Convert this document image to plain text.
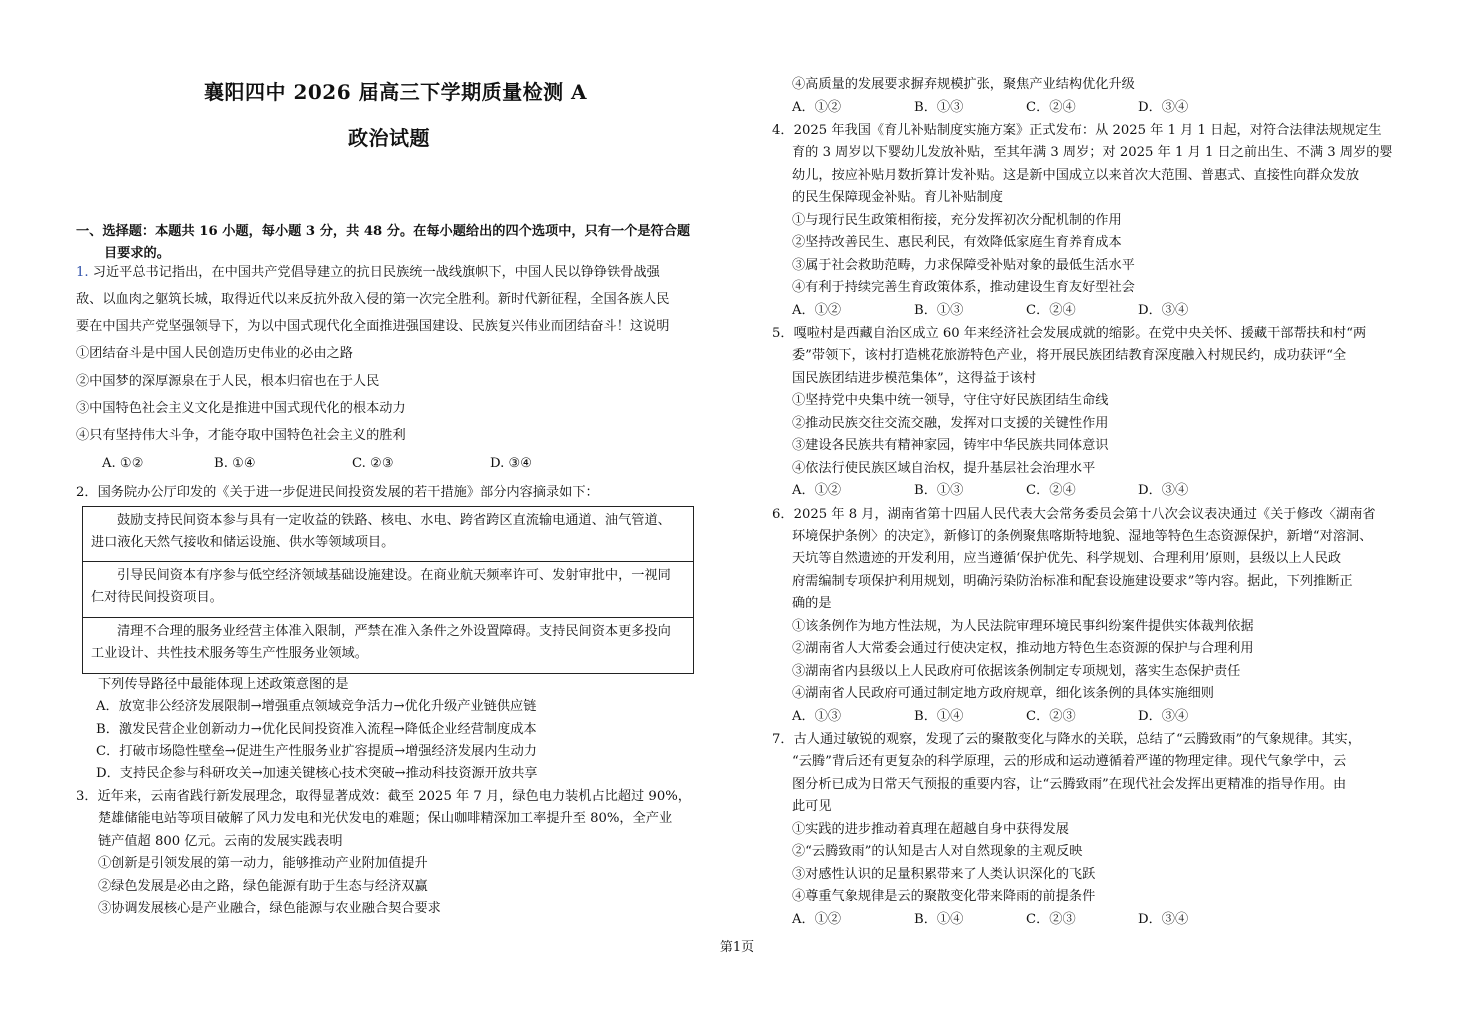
襄阳四中 2026 届高三下学期质量检测 A
政治试题
一、选择题：本题共 16 小题，每小题 3 分，共 48 分。在每小题给出的四个选项中，只有一个是符合题
目要求的。
1. 习近平总书记指出，在中国共产党倡导建立的抗日民族统一战线旗帜下，中国人民以铮铮铁骨战强
敌、以血肉之躯筑长城，取得近代以来反抗外敌入侵的第一次完全胜利。新时代新征程，全国各族人民
要在中国共产党坚强领导下，为以中国式现代化全面推进强国建设、民族复兴伟业而团结奋斗！这说明
①团结奋斗是中国人民创造历史伟业的必由之路
②中国梦的深厚源泉在于人民，根本归宿也在于人民
③中国特色社会主义文化是推进中国式现代化的根本动力
④只有坚持伟大斗争，才能夺取中国特色社会主义的胜利
A. ①②	B. ①④	C. ②③	D. ③④
2．国务院办公厅印发的《关于进一步促进民间投资发展的若干措施》部分内容摘录如下：

鼓励支持民间资本参与具有一定收益的铁路、核电、水电、跨省跨区直流输电通道、油气管道、进口液化天然气接收和储运设施、供水等领域项目。

引导民间资本有序参与低空经济领域基础设施建设。在商业航天频率许可、发射审批中，一视同仁对待民间投资项目。

清理不合理的服务业经营主体准入限制，严禁在准入条件之外设置障碍。支持民间资本更多投向工业设计、共性技术服务等生产性服务业领域。

下列传导路径中最能体现上述政策意图的是
A．放宽非公经济发展限制→增强重点领域竞争活力→优化升级产业链供应链
B．激发民营企业创新动力→优化民间投资准入流程→降低企业经营制度成本
C．打破市场隐性壁垒→促进生产性服务业扩容提质→增强经济发展内生动力
D．支持民企参与科研攻关→加速关键核心技术突破→推动科技资源开放共享
3．近年来，云南省践行新发展理念，取得显著成效：截至 2025 年 7 月，绿色电力装机占比超过 90%，
楚雄储能电站等项目破解了风力发电和光伏发电的难题；保山咖啡精深加工率提升至 80%，全产业
链产值超 800 亿元。云南的发展实践表明
①创新是引领发展的第一动力，能够推动产业附加值提升
②绿色发展是必由之路，绿色能源有助于生态与经济双赢
③协调发展核心是产业融合，绿色能源与农业融合契合要求
④高质量的发展要求摒弃规模扩张，聚焦产业结构优化升级
A．①②	B．①③	C．②④	D．③④
4．2025 年我国《育儿补贴制度实施方案》正式发布：从 2025 年 1 月 1 日起，对符合法律法规规定生
育的 3 周岁以下婴幼儿发放补贴，至其年满 3 周岁；对 2025 年 1 月 1 日之前出生、不满 3 周岁的婴
幼儿，按应补贴月数折算计发补贴。这是新中国成立以来首次大范围、普惠式、直接性向群众发放
的民生保障现金补贴。育儿补贴制度
①与现行民生政策相衔接，充分发挥初次分配机制的作用
②坚持改善民生、惠民利民，有效降低家庭生育养育成本
③属于社会救助范畴，力求保障受补贴对象的最低生活水平
④有利于持续完善生育政策体系，推动建设生育友好型社会
A．①②	B．①③	C．②④	D．③④
5．嘎啦村是西藏自治区成立 60 年来经济社会发展成就的缩影。在党中央关怀、援藏干部帮扶和村“两
委”带领下，该村打造桃花旅游特色产业，将开展民族团结教育深度融入村规民约，成功获评“全
国民族团结进步模范集体”，这得益于该村
①坚持党中央集中统一领导，守住守好民族团结生命线
②推动民族交往交流交融，发挥对口支援的关键性作用
③建设各民族共有精神家园，铸牢中华民族共同体意识
④依法行使民族区域自治权，提升基层社会治理水平
A．①②	B．①③	C．②④	D．③④
6．2025 年 8 月，湖南省第十四届人民代表大会常务委员会第十八次会议表决通过《关于修改〈湖南省
环境保护条例〉的决定》，新修订的条例聚焦喀斯特地貌、湿地等特色生态资源保护，新增“对溶洞、
天坑等自然遗迹的开发利用，应当遵循‘保护优先、科学规划、合理利用’原则，县级以上人民政
府需编制专项保护利用规划，明确污染防治标准和配套设施建设要求”等内容。据此，下列推断正
确的是
①该条例作为地方性法规，为人民法院审理环境民事纠纷案件提供实体裁判依据
②湖南省人大常委会通过行使决定权，推动地方特色生态资源的保护与合理利用
③湖南省内县级以上人民政府可依据该条例制定专项规划，落实生态保护责任
④湖南省人民政府可通过制定地方政府规章，细化该条例的具体实施细则
A．①③	B．①④	C．②③	D．③④
7．古人通过敏锐的观察，发现了云的聚散变化与降水的关联，总结了“云腾致雨”的气象规律。其实，
“云腾”背后还有更复杂的科学原理，云的形成和运动遵循着严谨的物理定律。现代气象学中，云
图分析已成为日常天气预报的重要内容，让“云腾致雨”在现代社会发挥出更精准的指导作用。由
此可见
①实践的进步推动着真理在超越自身中获得发展
②“云腾致雨”的认知是古人对自然现象的主观反映
③对感性认识的足量积累带来了人类认识深化的飞跃
④尊重气象规律是云的聚散变化带来降雨的前提条件
A．①②	B．①④	C．②③	D．③④
第1页
